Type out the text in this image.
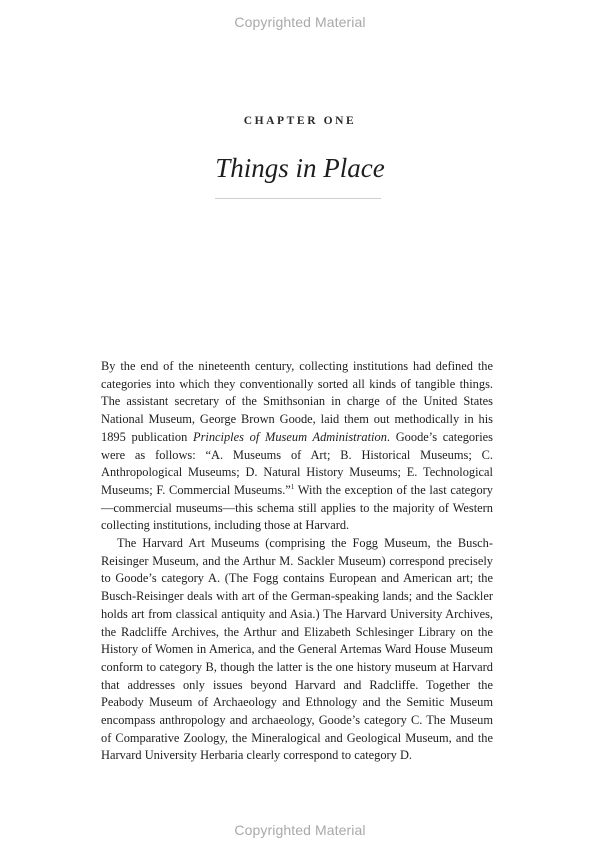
Copyrighted Material
CHAPTER ONE
Things in Place

By the end of the nineteenth century, collecting institutions had defined the categories into which they conventionally sorted all kinds of tangible things. The assistant secretary of the Smithsonian in charge of the United States National Museum, George Brown Goode, laid them out methodically in his 1895 publication Principles of Museum Administration. Goode’s categories were as follows: “A. Museums of Art; B. Historical Museums; C. Anthropological Museums; D. Natural History Museums; E. Technological Museums; F. Commercial Museums.”$^1$ With the exception of the last category—commercial museums—this schema still applies to the majority of Western collecting institutions, including those at Harvard.

The Harvard Art Museums (comprising the Fogg Museum, the Busch-Reisinger Museum, and the Arthur M. Sackler Museum) correspond precisely to Goode’s category A. (The Fogg contains European and American art; the Busch-Reisinger deals with art of the German-speaking lands; and the Sackler holds art from classical antiquity and Asia.) The Harvard University Archives, the Radcliffe Archives, the Arthur and Elizabeth Schlesinger Library on the History of Women in America, and the General Artemas Ward House Museum conform to category B, though the latter is the one history museum at Harvard that addresses only issues beyond Harvard and Radcliffe. Together the Peabody Museum of Archaeology and Ethnology and the Semitic Museum encompass anthropology and archaeology, Goode’s category C. The Museum of Comparative Zoology, the Mineralogical and Geological Museum, and the Harvard University Herbaria clearly correspond to category D.

Copyrighted Material
